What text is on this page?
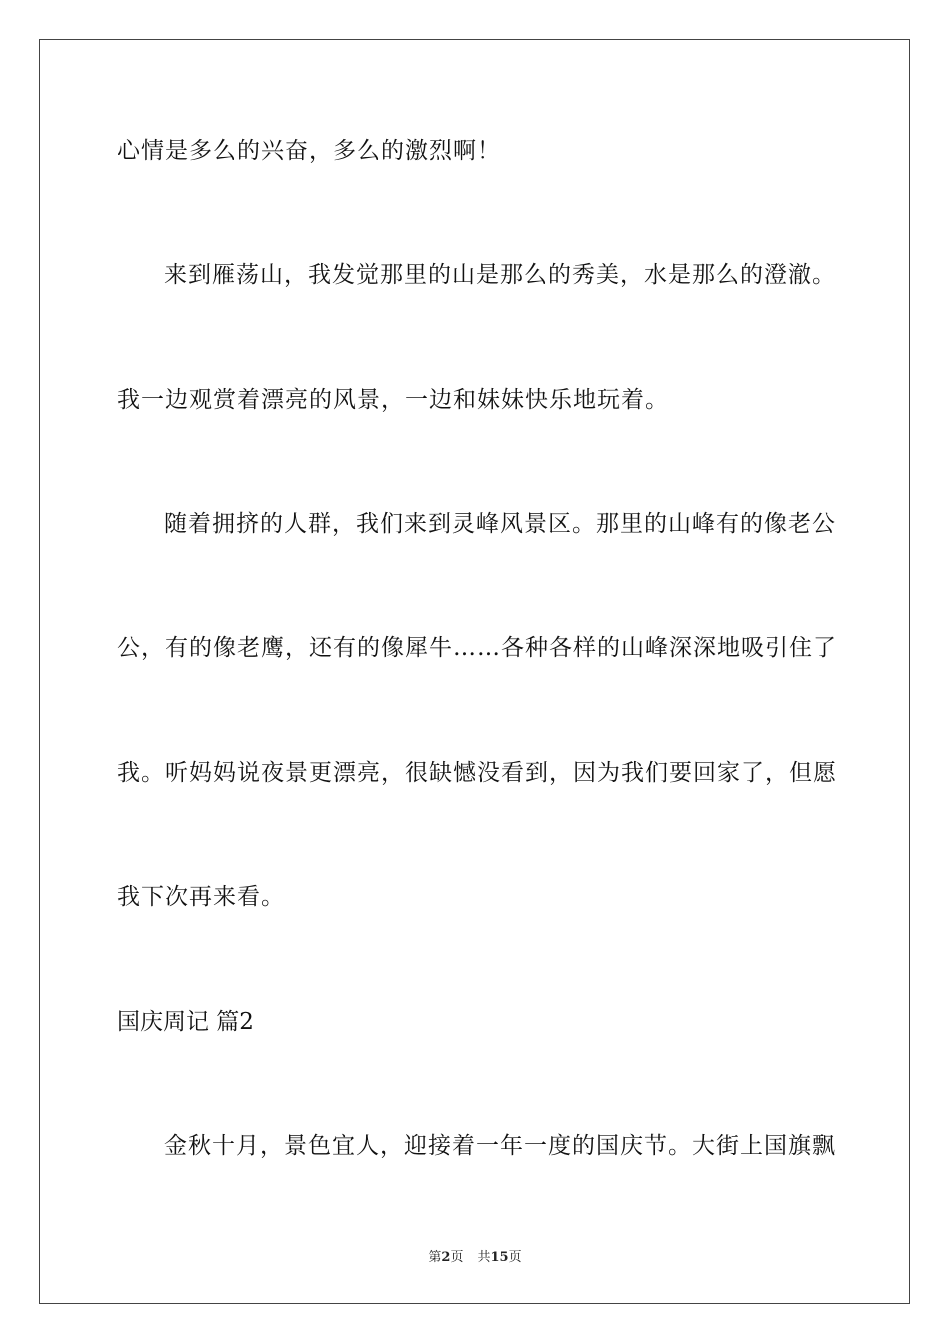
心情是多么的兴奋，多么的激烈啊！
来到雁荡山，我发觉那里的山是那么的秀美，水是那么的澄澈。
我一边观赏着漂亮的风景，一边和妹妹快乐地玩着。
随着拥挤的人群，我们来到灵峰风景区。那里的山峰有的像老公
公，有的像老鹰，还有的像犀牛……各种各样的山峰深深地吸引住了
我。听妈妈说夜景更漂亮，很缺憾没看到，因为我们要回家了，但愿
我下次再来看。
国庆周记 篇2
金秋十月，景色宜人，迎接着一年一度的国庆节。大街上国旗飘
第2页 共15页
